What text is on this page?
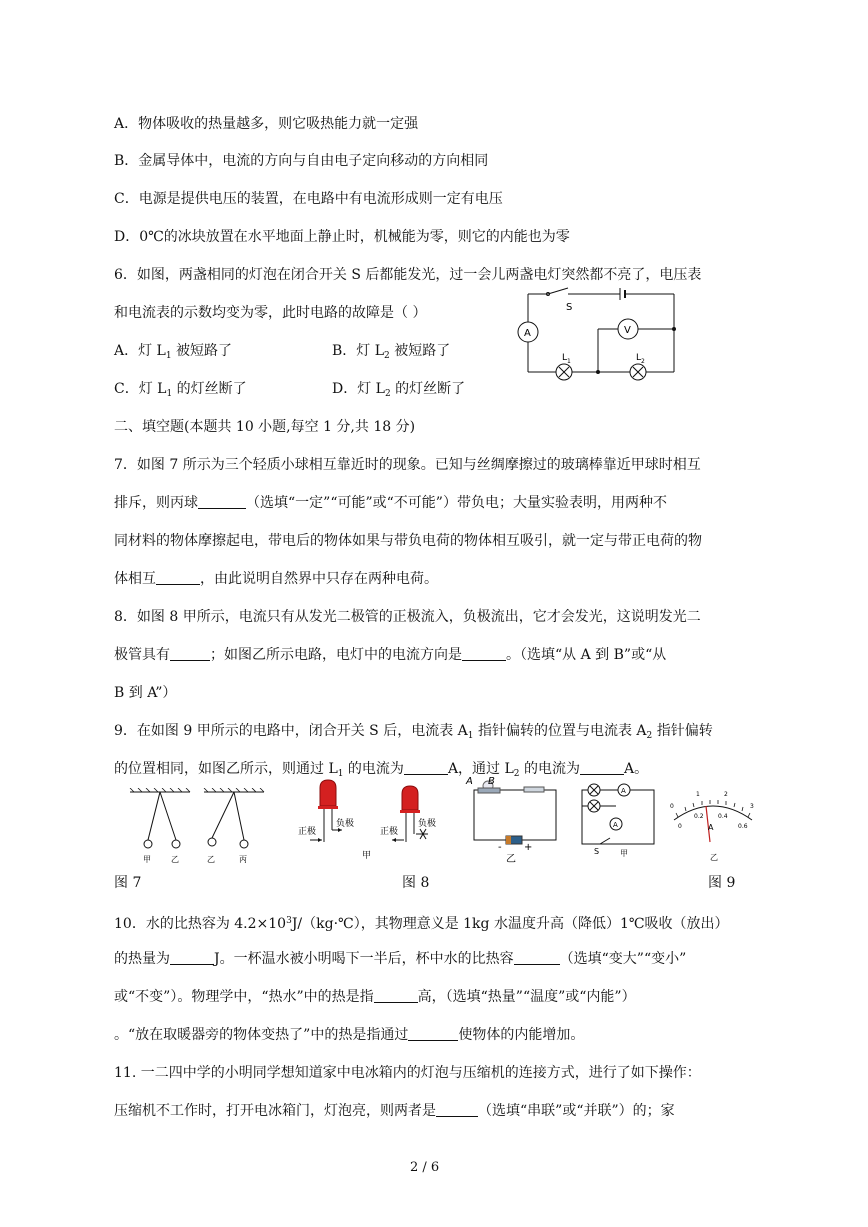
A．物体吸收的热量越多，则它吸热能力就一定强
B．金属导体中，电流的方向与自由电子定向移动的方向相同
C．电源是提供电压的装置，在电路中有电流形成则一定有电压
D．0℃的冰块放置在水平地面上静止时，机械能为零，则它的内能也为零
6．如图，两盏相同的灯泡在闭合开关 S 后都能发光，过一会儿两盏电灯突然都不亮了，电压表
和电流表的示数均变为零，此时电路的故障是（ ）
A．灯 $L_1$ 被短路了	B．灯 $L_2$ 被短路了
C．灯 $L_1$ 的灯丝断了	D．灯 $L_2$ 的灯丝断了
S
A	V
$L_1$	$L_2$
二、填空题(本题共 10 小题,每空 1 分,共 18 分)
7．如图 7 所示为三个轻质小球相互靠近时的现象。已知与丝绸摩擦过的玻璃棒靠近甲球时相互
排斥，则丙球	（选填“一定”“可能”或“不可能”）带负电；大量实验表明，用两种不
同材料的物体摩擦起电，带电后的物体如果与带负电荷的物体相互吸引，就一定与带正电荷的物
体相互	，由此说明自然界中只存在两种电荷。
8．如图 8 甲所示，电流只有从发光二极管的正极流入，负极流出，它才会发光，这说明发光二
极管具有	；如图乙所示电路，电灯中的电流方向是	。（选填“从 A 到 B”或“从
B 到 A”）
9．在如图 9 甲所示的电路中，闭合开关 S 后，电流表 $A_1$ 指针偏转的位置与电流表 $A_2$ 指针偏转
的位置相同，如图乙所示，则通过 $L_1$ 的电流为	A，通过 $L_2$ 的电流为	A。
甲	乙	乙	丙
正极
负极
正极
负极
甲
A B
- +
乙
A
A
S	甲
0
1	2
3
0
0.2 0.4
0.6
A
乙
图 7	图 8	图 9
10．水的比热容为 $4.2\times 10^3J/(kg\cdot℃)$，其物理意义是 1kg 水温度升高（降低）1℃吸收（放出）
的热量为	J。一杯温水被小明喝下一半后，杯中水的比热容	（选填“变大”“变小”
或“不变”）。物理学中，“热水”中的热是指	高，（选填“热量”“温度”或“内能”）
。“放在取暖器旁的物体变热了”中的热是指通过	使物体的内能增加。
11. 一二四中学的小明同学想知道家中电冰箱内的灯泡与压缩机的连接方式，进行了如下操作：
压缩机不工作时，打开电冰箱门，灯泡亮，则两者是	（选填“串联”或“并联”）的；家
2 / 6
